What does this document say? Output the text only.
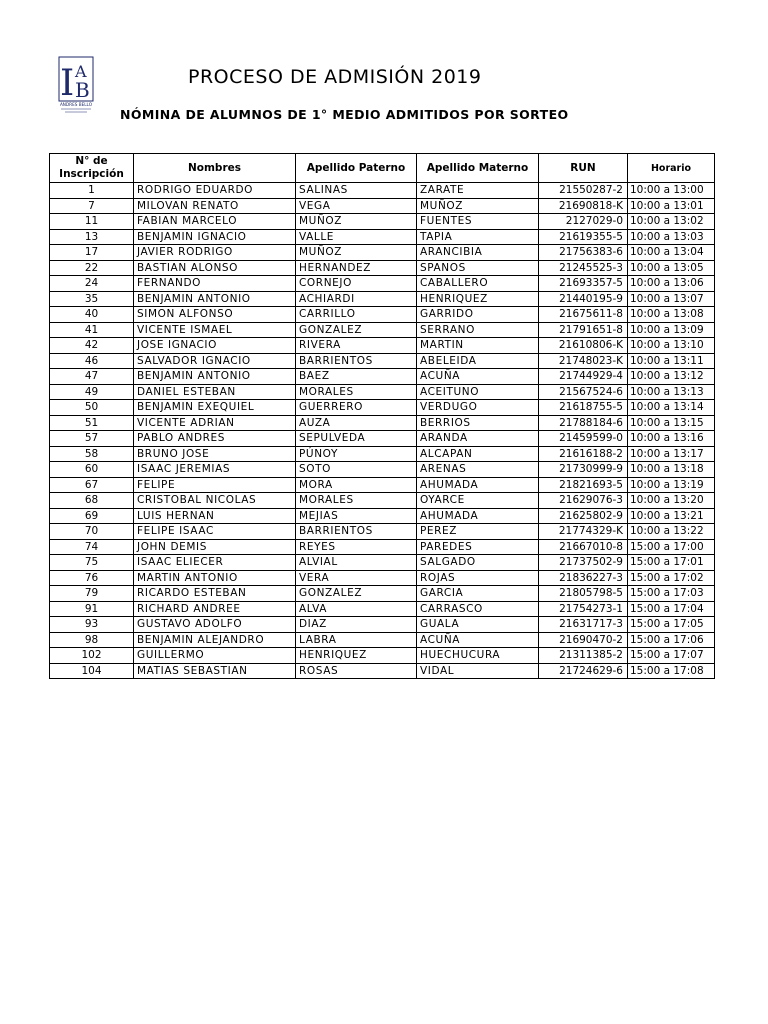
I A
B
ANDRES BELLO
PROCESO DE ADMISIÓN 2019
NÓMINA DE ALUMNOS DE 1° MEDIO ADMITIDOS POR SORTEO
N° de
Inscripción	Nombres	Apellido Paterno	Apellido Materno	RUN	Horario
1	RODRIGO EDUARDO	SALINAS	ZARATE	21550287-2	10:00 a 13:00
7	MILOVAN RENATO	VEGA	MUÑOZ	21690818-K	10:00 a 13:01
11	FABIAN MARCELO	MUÑOZ	FUENTES	2127029-0	10:00 a 13:02
13	BENJAMIN IGNACIO	VALLE	TAPIA	21619355-5	10:00 a 13:03
17	JAVIER RODRIGO	MUÑOZ	ARANCIBIA	21756383-6	10:00 a 13:04
22	BASTIAN ALONSO	HERNANDEZ	SPANOS	21245525-3	10:00 a 13:05
24	FERNANDO	CORNEJO	CABALLERO	21693357-5	10:00 a 13:06
35	BENJAMIN ANTONIO	ACHIARDI	HENRIQUEZ	21440195-9	10:00 a 13:07
40	SIMON ALFONSO	CARRILLO	GARRIDO	21675611-8	10:00 a 13:08
41	VICENTE ISMAEL	GONZALEZ	SERRANO	21791651-8	10:00 a 13:09
42	JOSE IGNACIO	RIVERA	MARTIN	21610806-K	10:00 a 13:10
46	SALVADOR IGNACIO	BARRIENTOS	ABELEIDA	21748023-K	10:00 a 13:11
47	BENJAMIN ANTONIO	BAEZ	ACUÑA	21744929-4	10:00 a 13:12
49	DANIEL ESTEBAN	MORALES	ACEITUNO	21567524-6	10:00 a 13:13
50	BENJAMIN EXEQUIEL	GUERRERO	VERDUGO	21618755-5	10:00 a 13:14
51	VICENTE ADRIAN	AUZA	BERRIOS	21788184-6	10:00 a 13:15
57	PABLO ANDRES	SEPULVEDA	ARANDA	21459599-0	10:00 a 13:16
58	BRUNO JOSE	PÚNOY	ALCAPAN	21616188-2	10:00 a 13:17
60	ISAAC JEREMIAS	SOTO	ARENAS	21730999-9	10:00 a 13:18
67	FELIPE	MORA	AHUMADA	21821693-5	10:00 a 13:19
68	CRISTOBAL NICOLAS	MORALES	OYARCE	21629076-3	10:00 a 13:20
69	LUIS HERNAN	MEJIAS	AHUMADA	21625802-9	10:00 a 13:21
70	FELIPE ISAAC	BARRIENTOS	PEREZ	21774329-K	10:00 a 13:22
74	JOHN DEMIS	REYES	PAREDES	21667010-8	15:00 a 17:00
75	ISAAC ELIECER	ALVIAL	SALGADO	21737502-9	15:00 a 17:01
76	MARTIN ANTONIO	VERA	ROJAS	21836227-3	15:00 a 17:02
79	RICARDO ESTEBAN	GONZALEZ	GARCIA	21805798-5	15:00 a 17:03
91	RICHARD ANDREE	ALVA	CARRASCO	21754273-1	15:00 a 17:04
93	GUSTAVO ADOLFO	DIAZ	GUALA	21631717-3	15:00 a 17:05
98	BENJAMIN ALEJANDRO	LABRA	ACUÑA	21690470-2	15:00 a 17:06
102	GUILLERMO	HENRIQUEZ	HUECHUCURA	21311385-2	15:00 a 17:07
104	MATIAS SEBASTIAN	ROSAS	VIDAL	21724629-6	15:00 a 17:08
